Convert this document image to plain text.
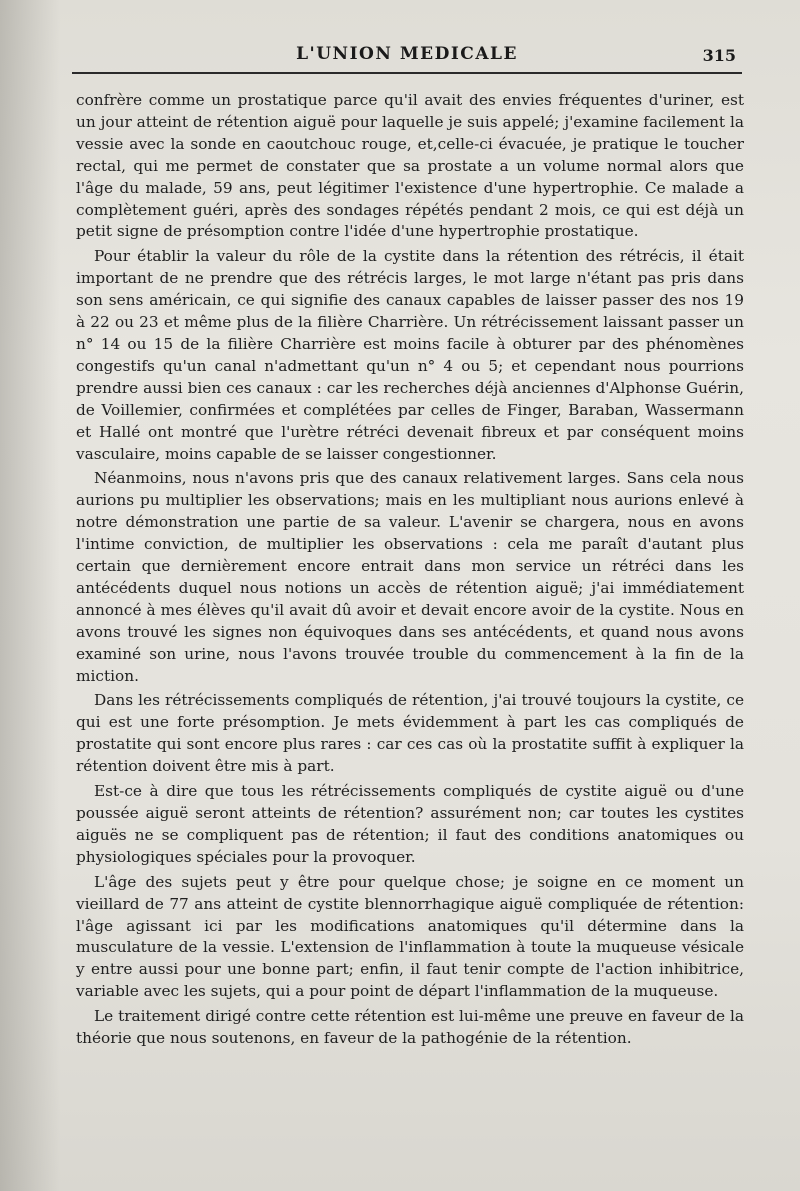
L'UNION MEDICALE	315

confrère comme un prostatique parce qu'il avait des envies fréquentes d'uriner, est un jour atteint de rétention aiguë pour laquelle je suis appelé; j'examine facilement la vessie avec la sonde en caoutchouc rouge, et,celle-ci évacuée, je pratique le toucher rectal, qui me permet de constater que sa prostate a un volume normal alors que l'âge du malade, 59 ans, peut légitimer l'existence d'une hypertrophie. Ce malade a complètement guéri, après des sondages répétés pendant 2 mois, ce qui est déjà un petit signe de présomption contre l'idée d'une hypertrophie prostatique.

Pour établir la valeur du rôle de la cystite dans la rétention des rétrécis, il était important de ne prendre que des rétrécis larges, le mot large n'étant pas pris dans son sens américain, ce qui signifie des canaux capables de laisser passer des nos 19 à 22 ou 23 et même plus de la filière Charrière. Un rétrécissement laissant passer un n° 14 ou 15 de la filière Charrière est moins facile à obturer par des phénomènes congestifs qu'un canal n'admettant qu'un n° 4 ou 5; et cependant nous pourrions prendre aussi bien ces canaux : car les recherches déjà anciennes d'Alphonse Guérin, de Voillemier, confirmées et complétées par celles de Finger, Baraban, Wassermann et Hallé ont montré que l'urètre rétréci devenait fibreux et par conséquent moins vasculaire, moins capable de se laisser congestionner.

Néanmoins, nous n'avons pris que des canaux relativement larges. Sans cela nous aurions pu multiplier les observations; mais en les multipliant nous aurions enlevé à notre démonstration une partie de sa valeur. L'avenir se chargera, nous en avons l'intime conviction, de multiplier les observations : cela me paraît d'autant plus certain que dernièrement encore entrait dans mon service un rétréci dans les antécédents duquel nous notions un accès de rétention aiguë; j'ai immédiatement annoncé à mes élèves qu'il avait dû avoir et devait encore avoir de la cystite. Nous en avons trouvé les signes non équivoques dans ses antécédents, et quand nous avons examiné son urine, nous l'avons trouvée trouble du commencement à la fin de la miction.

Dans les rétrécissements compliqués de rétention, j'ai trouvé toujours la cystite, ce qui est une forte présomption. Je mets évidemment à part les cas compliqués de prostatite qui sont encore plus rares : car ces cas où la prostatite suffit à expliquer la rétention doivent être mis à part.

Est-ce à dire que tous les rétrécissements compliqués de cystite aiguë ou d'une poussée aiguë seront atteints de rétention? assurément non; car toutes les cystites aiguës ne se compliquent pas de rétention; il faut des conditions anatomiques ou physiologiques spéciales pour la provoquer.

L'âge des sujets peut y être pour quelque chose; je soigne en ce moment un vieillard de 77 ans atteint de cystite blennorrhagique aiguë compliquée de rétention: l'âge agissant ici par les modifications anatomiques qu'il détermine dans la musculature de la vessie. L'extension de l'inflammation à toute la muqueuse vésicale y entre aussi pour une bonne part; enfin, il faut tenir compte de l'action inhibitrice, variable avec les sujets, qui a pour point de départ l'inflammation de la muqueuse.

Le traitement dirigé contre cette rétention est lui-même une preuve en faveur de la théorie que nous soutenons, en faveur de la pathogénie de la rétention.
